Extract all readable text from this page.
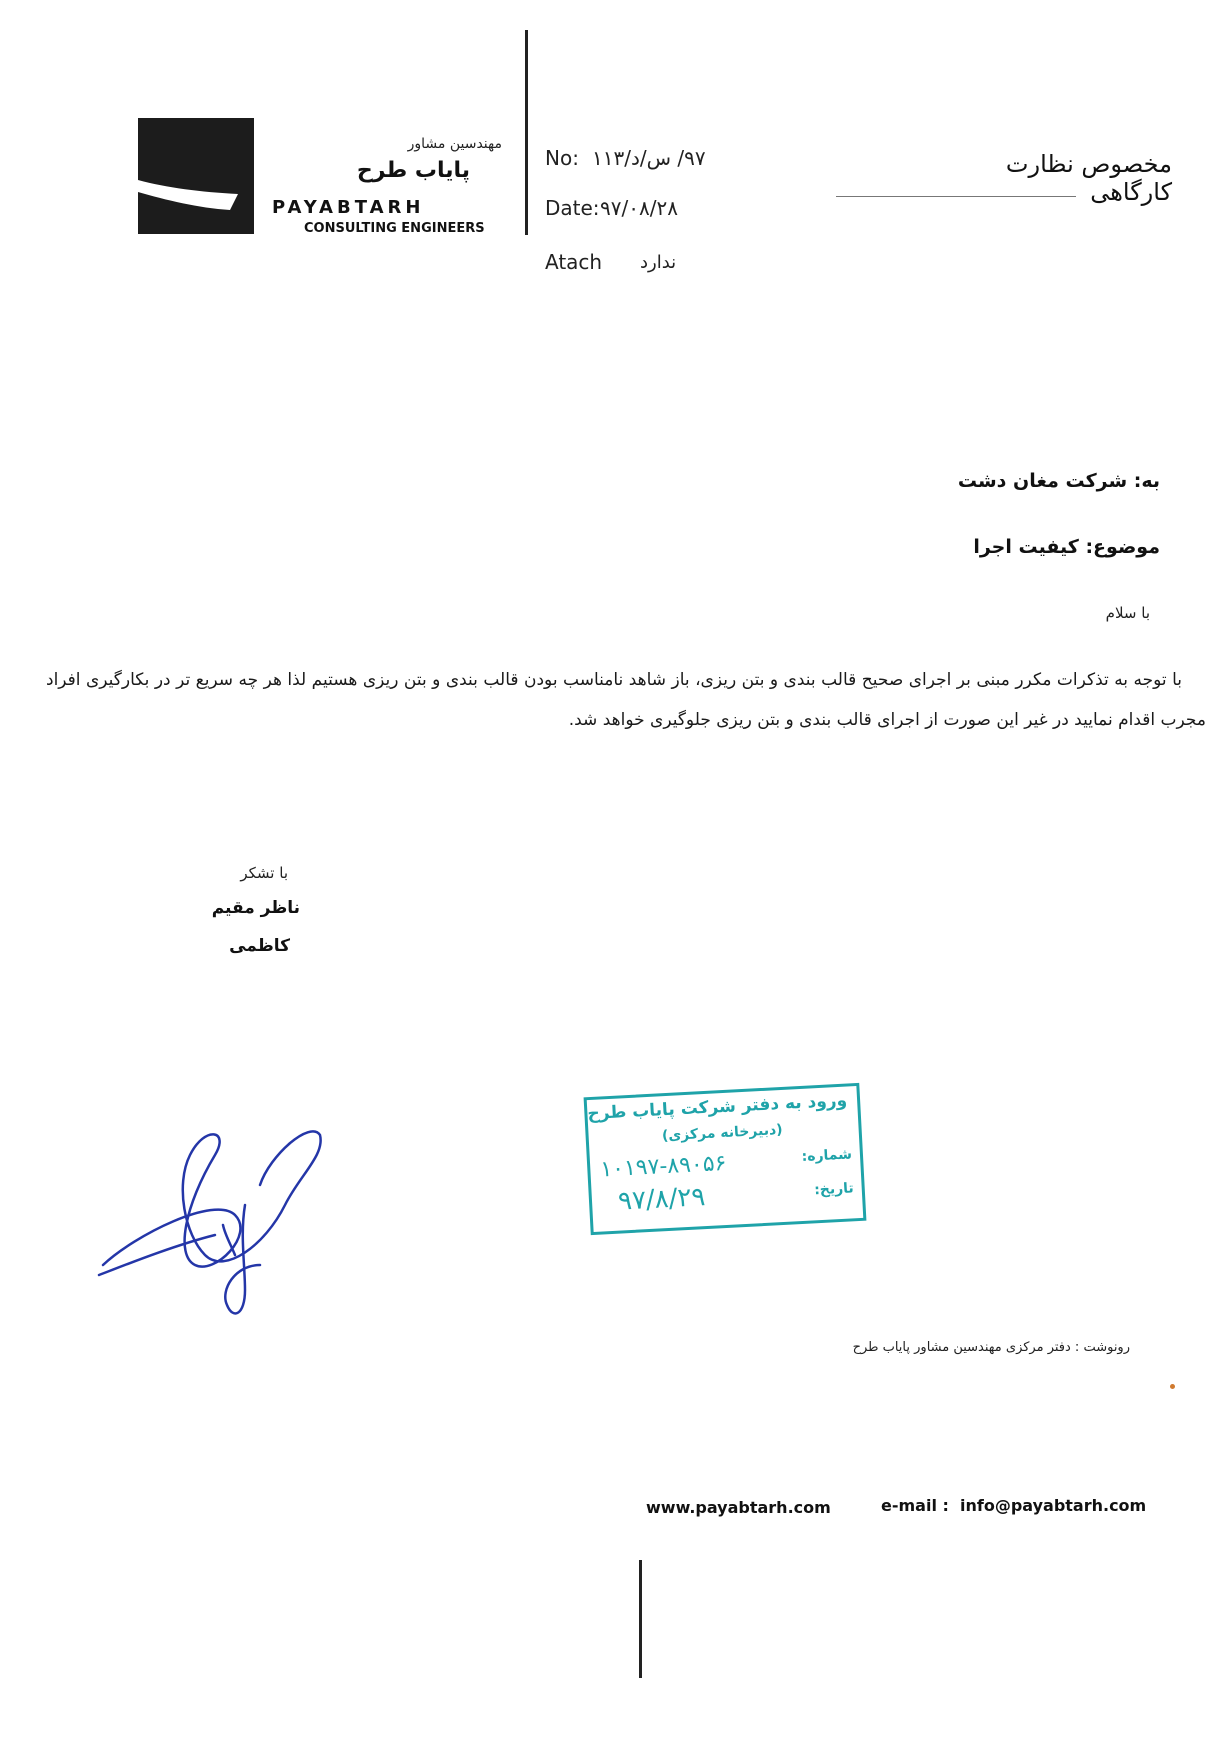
مهندسین مشاور
پایاب طرح
PAYABTARH
CONSULTING ENGINEERS
No: ۹۷/ س/د/۱۱۳
Date: ۹۷/۰۸/۲۸
Atach ندارد
مخصوص نظارت کارگاهی
به: شرکت مغان دشت
موضوع: کیفیت اجرا
با سلام

با توجه به تذکرات مکرر مبنی بر اجرای صحیح قالب بندی و بتن ریزی، باز شاهد نامناسب بودن قالب بندی و بتن ریزی هستیم لذا هر چه سریع تر در بکارگیری افراد مجرب اقدام نمایید در غیر این صورت از اجرای قالب بندی و بتن ریزی جلوگیری خواهد شد.

با تشکر
ناظر مقیم
کاظمی
ورود به دفتر شرکت پایاب طرح
(دبیرخانه مرکزی)
شماره:
۱۰۱۹۷-۸۹۰۵۶
تاریخ:
۹۷/۸/۲۹
رونوشت : دفتر مرکزی مهندسین مشاور پایاب طرح
www.payabtarh.com	e-mail : info@payabtarh.com
